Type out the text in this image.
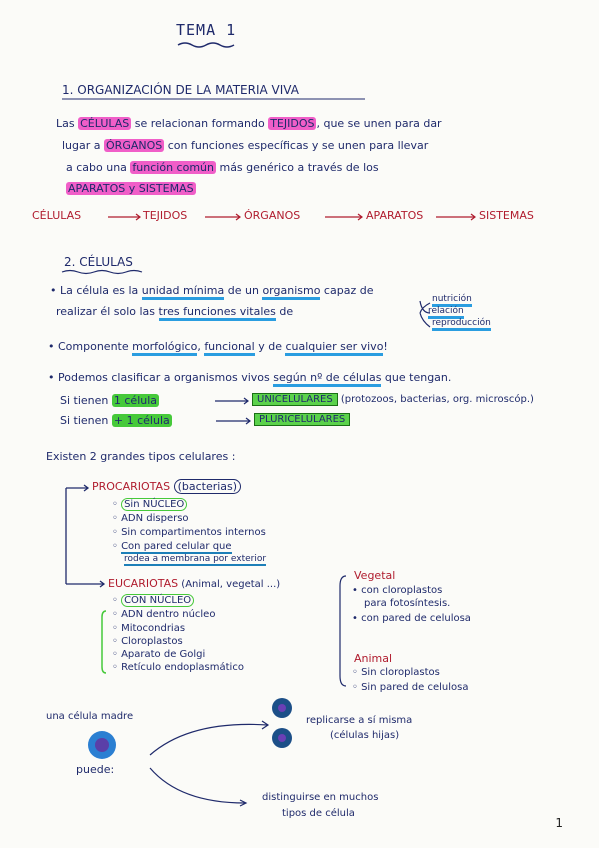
TEMA 1
1. ORGANIZACIÓN DE LA MATERIA VIVA
Las CÉLULAS se relacionan formando TEJIDOS , que se unen para dar
lugar a ÓRGANOS con funciones específicas y se unen para llevar
a cabo una función común más genérico a través de los
APARATOS y SISTEMAS
CÉLULAS	TEJIDOS	ÓRGANOS	APARATOS	SISTEMAS
2. CÉLULAS
• La célula es la unidad mínima de un organismo capaz de
realizar él solo las tres funciones vitales de
nutrición
relación
reproducción
• Componente morfológico, funcional y de cualquier ser vivo!
• Podemos clasificar a organismos vivos según nº de células que tengan.
Si tienen 1 célula	UNICELULARES (protozoos, bacterias, org. microscóp.)
Si tienen + 1 célula	PLURICELULARES
Existen 2 grandes tipos celulares :
PROCARIOTAS (bacterias)
◦ Sin NÚCLEO
◦ ADN disperso
◦ Sin compartimentos internos
◦ Con pared celular que
rodea a membrana por exterior
EUCARIOTAS (Animal, vegetal ...)
◦ CON NÚCLEO
◦ ADN dentro núcleo
◦ Mitocondrias
◦ Cloroplastos
◦ Aparato de Golgi
◦ Retículo endoplasmático
Vegetal
• con cloroplastos
para fotosíntesis.
• con pared de celulosa
Animal
◦ Sin cloroplastos
◦ Sin pared de celulosa
una célula madre
puede:
replicarse a sí misma
(células hijas)
distinguirse en muchos
tipos de célula
1
